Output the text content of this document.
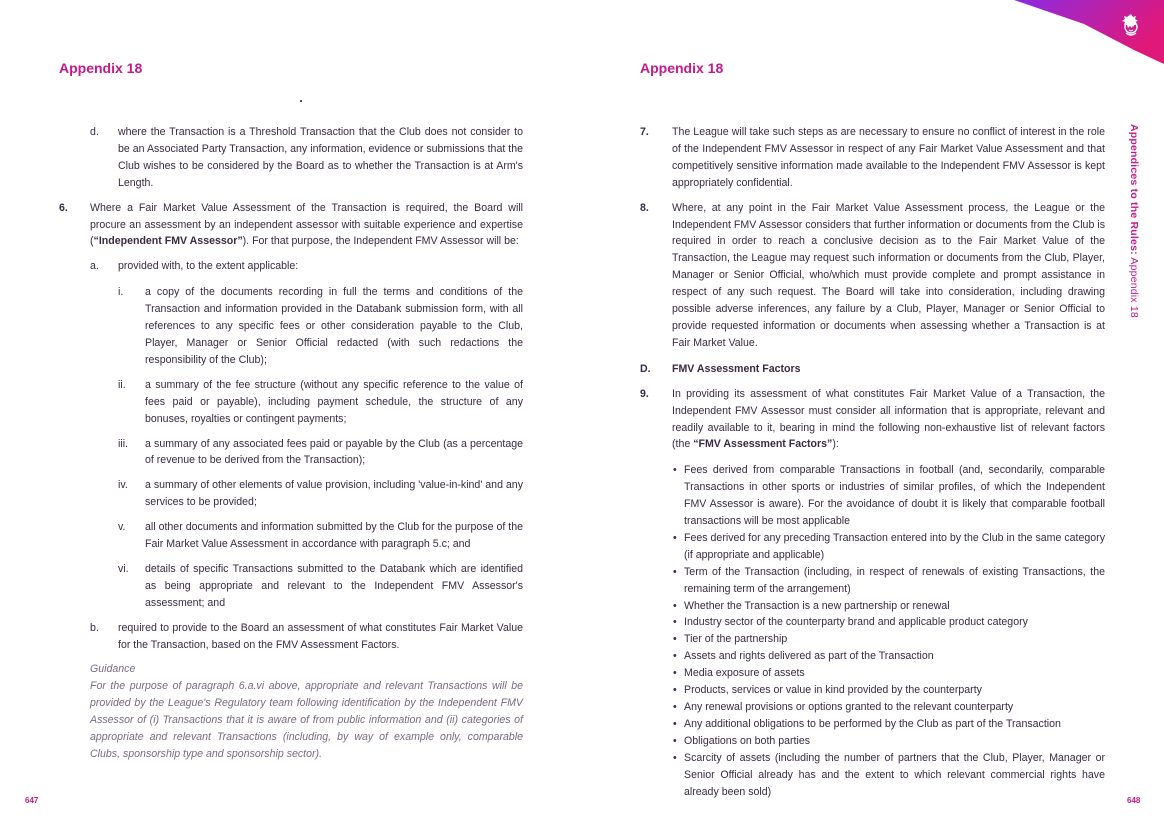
Appendix 18	Appendix 18
d. where the Transaction is a Threshold Transaction that the Club does not consider to be an Associated Party Transaction, any information, evidence or submissions that the Club wishes to be considered by the Board as to whether the Transaction is at Arm's Length.
6. Where a Fair Market Value Assessment of the Transaction is required, the Board will procure an assessment by an independent assessor with suitable experience and expertise (“Independent FMV Assessor”). For that purpose, the Independent FMV Assessor will be:
a. provided with, to the extent applicable:
i. a copy of the documents recording in full the terms and conditions of the Transaction and information provided in the Databank submission form, with all references to any specific fees or other consideration payable to the Club, Player, Manager or Senior Official redacted (with such redactions the responsibility of the Club);
ii. a summary of the fee structure (without any specific reference to the value of fees paid or payable), including payment schedule, the structure of any bonuses, royalties or contingent payments;
iii. a summary of any associated fees paid or payable by the Club (as a percentage of revenue to be derived from the Transaction);
iv. a summary of other elements of value provision, including 'value-in-kind' and any services to be provided;
v. all other documents and information submitted by the Club for the purpose of the Fair Market Value Assessment in accordance with paragraph 5.c; and
vi. details of specific Transactions submitted to the Databank which are identified as being appropriate and relevant to the Independent FMV Assessor's assessment; and
b. required to provide to the Board an assessment of what constitutes Fair Market Value for the Transaction, based on the FMV Assessment Factors.
Guidance
For the purpose of paragraph 6.a.vi above, appropriate and relevant Transactions will be provided by the League's Regulatory team following identification by the Independent FMV Assessor of (i) Transactions that it is aware of from public information and (ii) categories of appropriate and relevant Transactions (including, by way of example only, comparable Clubs, sponsorship type and sponsorship sector).
7. The League will take such steps as are necessary to ensure no conflict of interest in the role of the Independent FMV Assessor in respect of any Fair Market Value Assessment and that competitively sensitive information made available to the Independent FMV Assessor is kept appropriately confidential.
8. Where, at any point in the Fair Market Value Assessment process, the League or the Independent FMV Assessor considers that further information or documents from the Club is required in order to reach a conclusive decision as to the Fair Market Value of the Transaction, the League may request such information or documents from the Club, Player, Manager or Senior Official, who/which must provide complete and prompt assistance in respect of any such request. The Board will take into consideration, including drawing possible adverse inferences, any failure by a Club, Player, Manager or Senior Official to provide requested information or documents when assessing whether a Transaction is at Fair Market Value.
D. FMV Assessment Factors
9. In providing its assessment of what constitutes Fair Market Value of a Transaction, the Independent FMV Assessor must consider all information that is appropriate, relevant and readily available to it, bearing in mind the following non-exhaustive list of relevant factors (the “FMV Assessment Factors”):
• Fees derived from comparable Transactions in football (and, secondarily, comparable Transactions in other sports or industries of similar profiles, of which the Independent FMV Assessor is aware). For the avoidance of doubt it is likely that comparable football transactions will be most applicable
• Fees derived for any preceding Transaction entered into by the Club in the same category (if appropriate and applicable)
• Term of the Transaction (including, in respect of renewals of existing Transactions, the remaining term of the arrangement)
• Whether the Transaction is a new partnership or renewal
• Industry sector of the counterparty brand and applicable product category
• Tier of the partnership
• Assets and rights delivered as part of the Transaction
• Media exposure of assets
• Products, services or value in kind provided by the counterparty
• Any renewal provisions or options granted to the relevant counterparty
• Any additional obligations to be performed by the Club as part of the Transaction
• Obligations on both parties
• Scarcity of assets (including the number of partners that the Club, Player, Manager or Senior Official already has and the extent to which relevant commercial rights have already been sold)
Appendices to the Rules: Appendix 18
647	648
